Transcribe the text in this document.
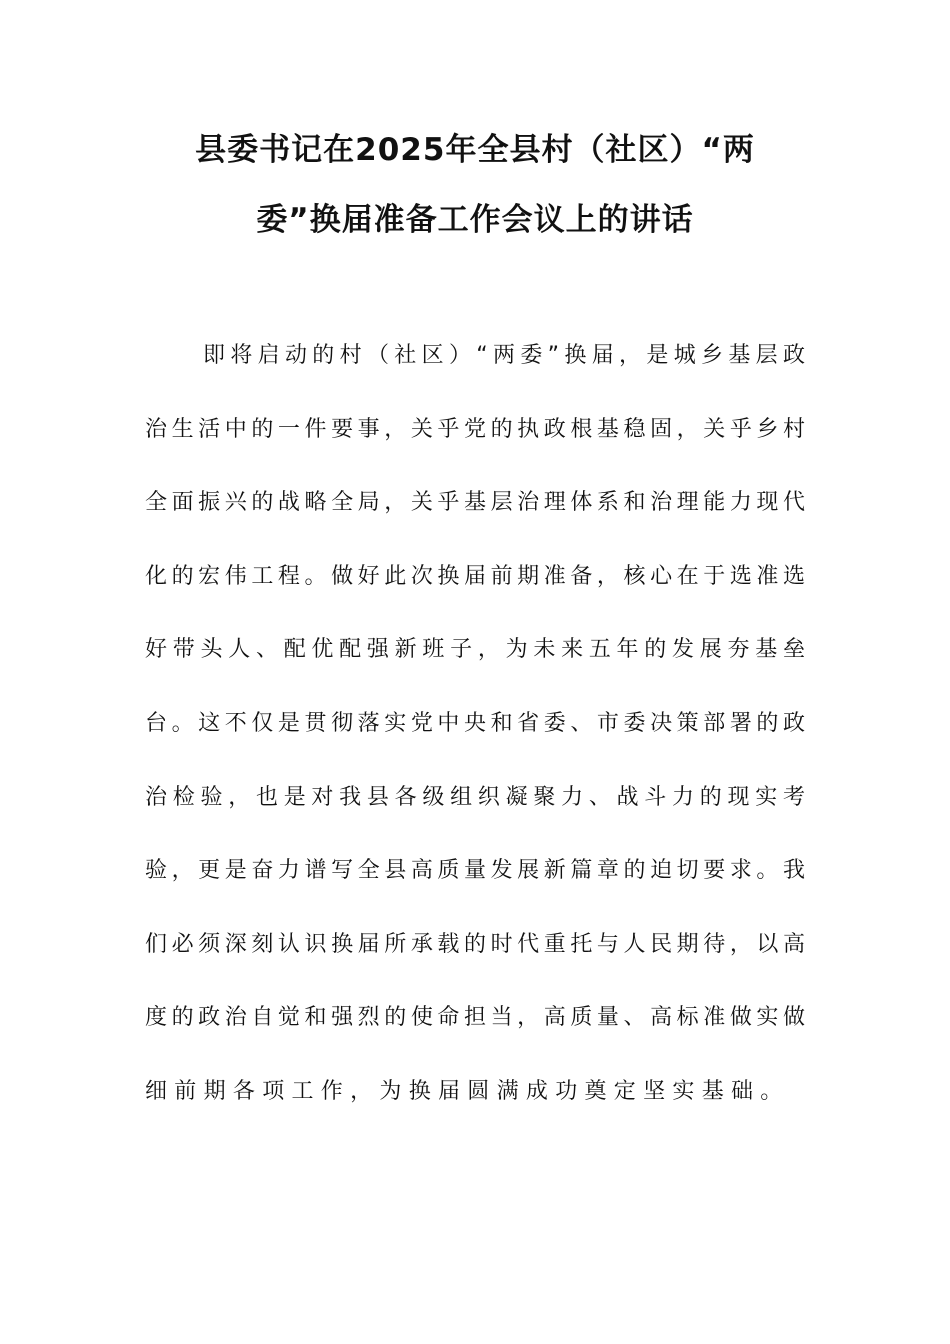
县委书记在2025年全县村（社区）“两
委”换届准备工作会议上的讲话
即将启动的村（社区）“两委”换届，是城乡基层政
治生活中的一件要事，关乎党的执政根基稳固，关乎乡村
全面振兴的战略全局，关乎基层治理体系和治理能力现代
化的宏伟工程。做好此次换届前期准备，核心在于选准选
好带头人、配优配强新班子，为未来五年的发展夯基垒
台。这不仅是贯彻落实党中央和省委、市委决策部署的政
治检验，也是对我县各级组织凝聚力、战斗力的现实考
验，更是奋力谱写全县高质量发展新篇章的迫切要求。我
们必须深刻认识换届所承载的时代重托与人民期待，以高
度的政治自觉和强烈的使命担当，高质量、高标准做实做
细前期各项工作，为换届圆满成功奠定坚实基础。
